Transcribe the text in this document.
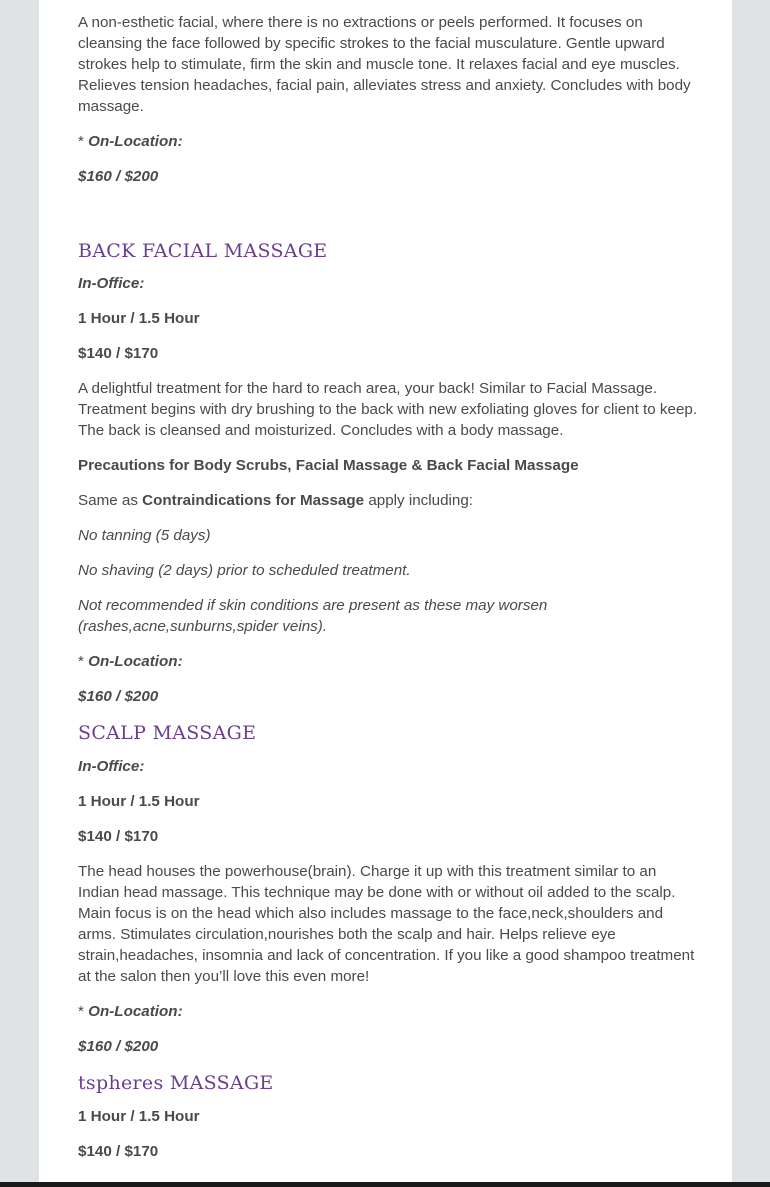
A non-esthetic facial, where there is no extractions or peels performed. It focuses on cleansing the face followed by specific strokes to the facial musculature. Gentle upward strokes help to stimulate, firm the skin and muscle tone. It relaxes facial and eye muscles. Relieves tension headaches, facial pain, alleviates stress and anxiety. Concludes with body massage.

* On-Location:

$160 / $200

BACK FACIAL MASSAGE

In-Office:

1 Hour / 1.5 Hour

$140 / $170

A delightful treatment for the hard to reach area, your back! Similar to Facial Massage. Treatment begins with dry brushing to the back with new exfoliating gloves for client to keep. The back is cleansed and moisturized. Concludes with a body massage.

Precautions for Body Scrubs, Facial Massage & Back Facial Massage

Same as Contraindications for Massage apply including:

No tanning (5 days)

No shaving (2 days) prior to scheduled treatment.

Not recommended if skin conditions are present as these may worsen (rashes,acne,sunburns,spider veins).

* On-Location:

$160 / $200

SCALP MASSAGE

In-Office:

1 Hour / 1.5 Hour

$140 / $170

The head houses the powerhouse(brain). Charge it up with this treatment similar to an Indian head massage. This technique may be done with or without oil added to the scalp. Main focus is on the head which also includes massage to the face,neck,shoulders and arms. Stimulates circulation,nourishes both the scalp and hair. Helps relieve eye strain,headaches, insomnia and lack of concentration. If you like a good shampoo treatment at the salon then you’ll love this even more!

* On-Location:

$160 / $200

tspheres MASSAGE

1 Hour / 1.5 Hour

$140 / $170
